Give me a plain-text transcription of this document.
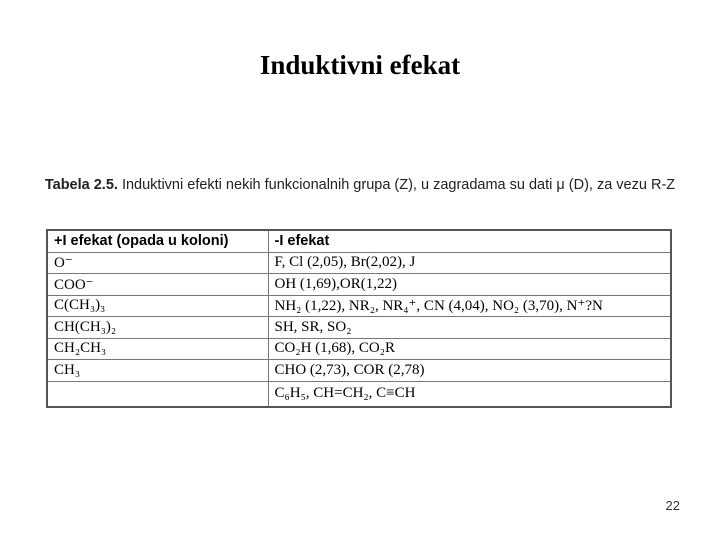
Induktivni efekat
Tabela 2.5. Induktivni efekti nekih funkcionalnih grupa (Z), u zagradama su dati μ (D), za vezu R-Z
+I efekat (opada u koloni)	-I efekat
O⁻	F, Cl (2,05), Br(2,02), J
COO⁻	OH (1,69),OR(1,22)
C(CH₃)₃	NH₂ (1,22), NR₂, NR₄⁺, CN (4,04), NO₂ (3,70), N⁺?N
CH(CH₃)₂	SH, SR, SO₂
CH₂CH₃	CO₂H (1,68), CO₂R
CH₃	CHO (2,73), COR (2,78)
	C₆H₅, CH=CH₂, C≡CH
22
